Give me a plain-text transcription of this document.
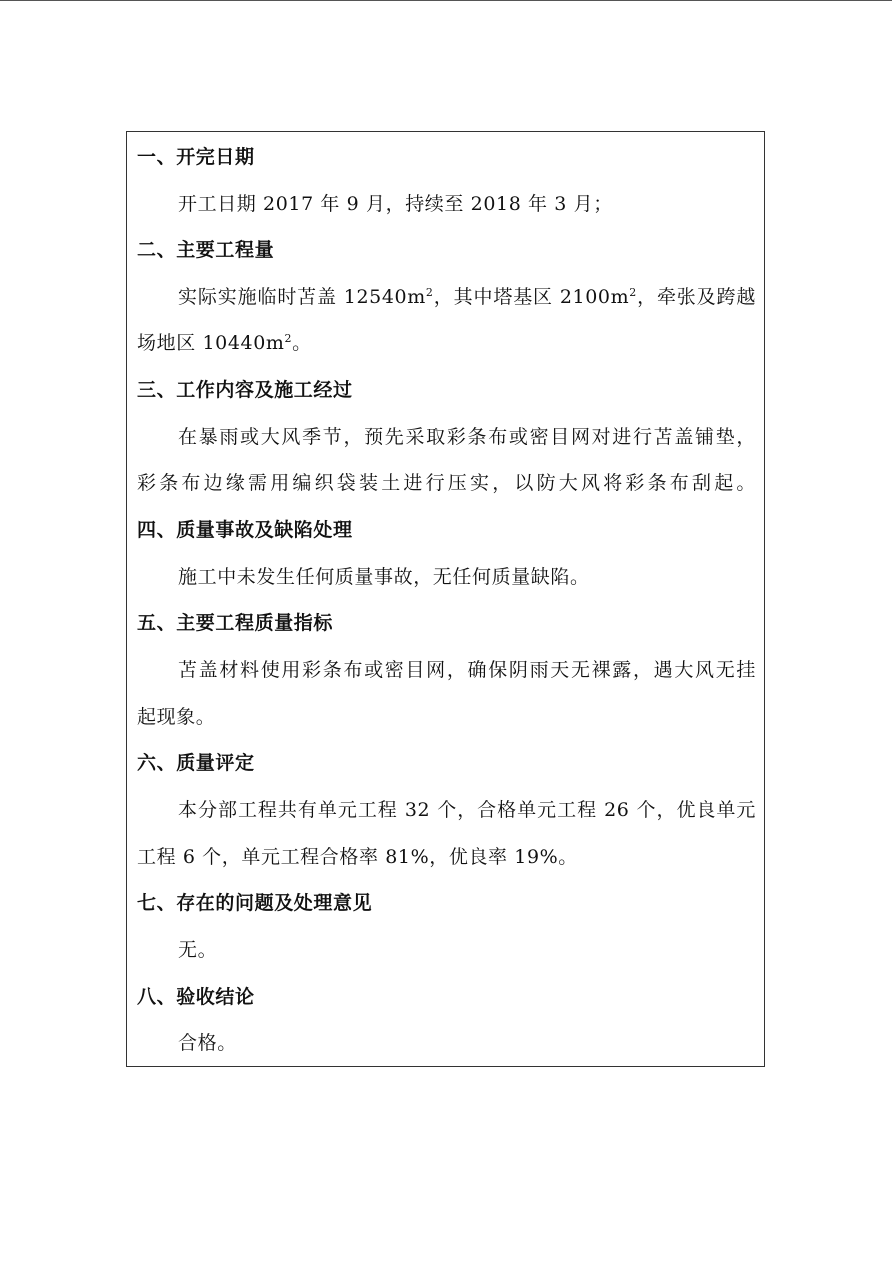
一、开完日期
开工日期 2017 年 9 月，持续至 2018 年 3 月；
二、主要工程量
实际实施临时苫盖 $12540m^2$，其中塔基区 $2100m^2$，牵张及跨越
场地区 $10440m^2$。
三、工作内容及施工经过
在暴雨或大风季节，预先采取彩条布或密目网对进行苫盖铺垫，
彩条布边缘需用编织袋装土进行压实，以防大风将彩条布刮起。
四、质量事故及缺陷处理
施工中未发生任何质量事故，无任何质量缺陷。
五、主要工程质量指标
苫盖材料使用彩条布或密目网，确保阴雨天无裸露，遇大风无挂
起现象。
六、质量评定
本分部工程共有单元工程 32 个，合格单元工程 26 个，优良单元
工程 6 个，单元工程合格率 81%，优良率 19%。
七、存在的问题及处理意见
无。
八、验收结论
合格。
